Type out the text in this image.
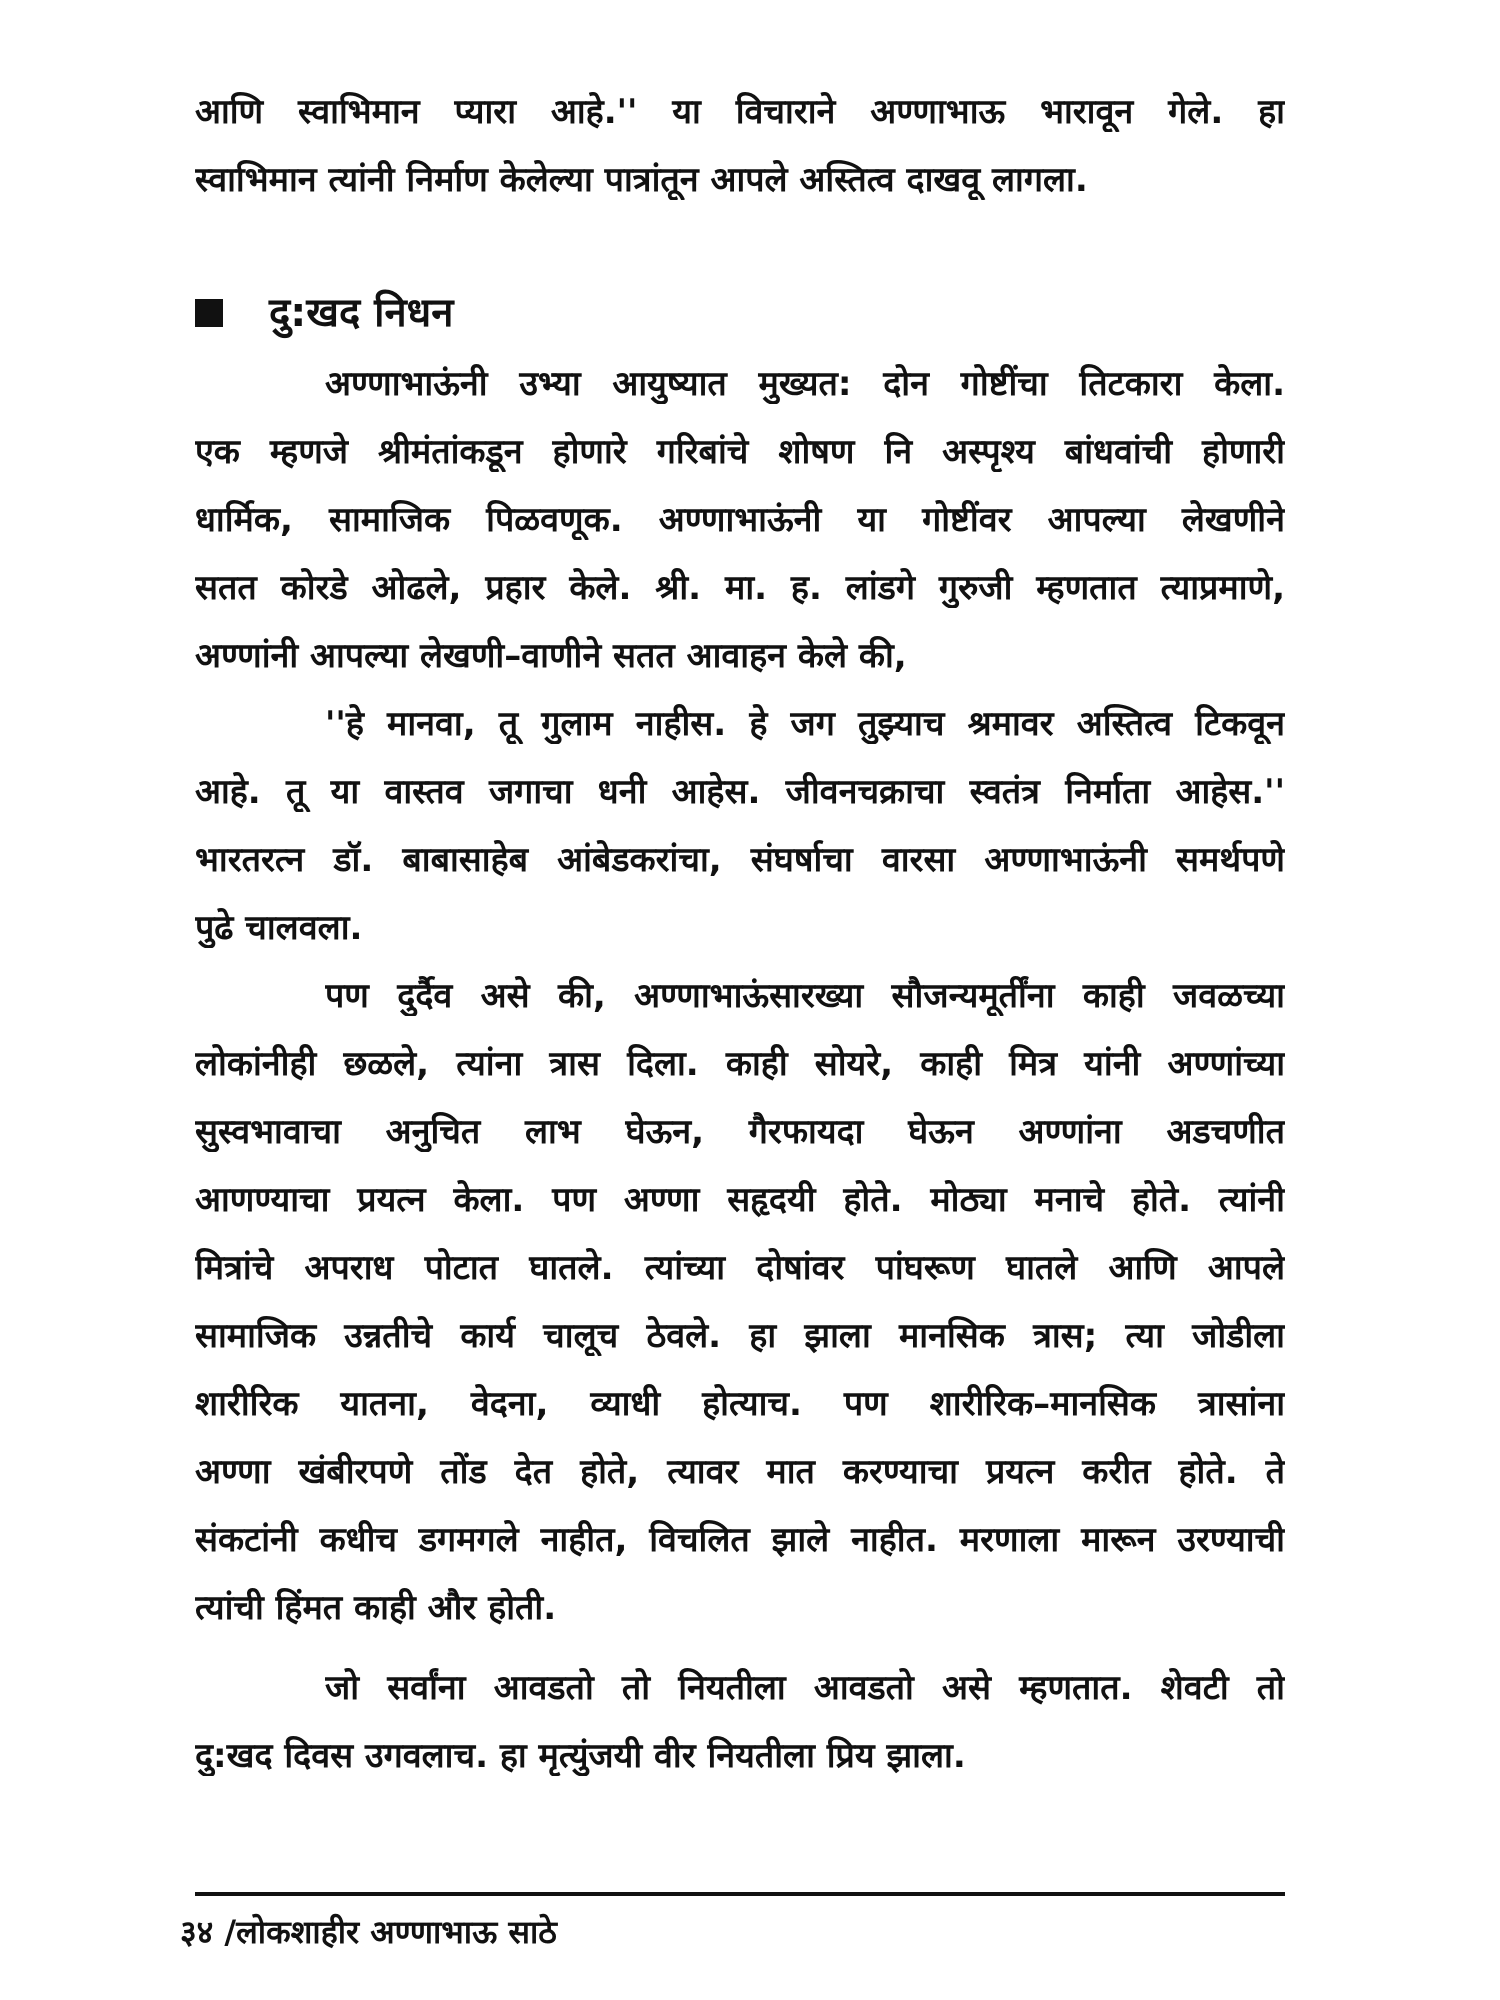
आणि स्वाभिमान प्यारा आहे.'' या विचाराने अण्णाभाऊ भारावून गेले. हा

स्वाभिमान त्यांनी निर्माण केलेल्या पात्रांतून आपले अस्तित्व दाखवू लागला.

दु:खद निधन

अण्णाभाऊंनी उभ्या आयुष्यात मुख्यत: दोन गोष्टींचा तिटकारा केला.

एक म्हणजे श्रीमंतांकडून होणारे गरिबांचे शोषण नि अस्पृश्य बांधवांची होणारी

धार्मिक, सामाजिक पिळवणूक. अण्णाभाऊंनी या गोष्टींवर आपल्या लेखणीने

सतत कोरडे ओढले, प्रहार केले. श्री. मा. ह. लांडगे गुरुजी म्हणतात त्याप्रमाणे,

अण्णांनी आपल्या लेखणी–वाणीने सतत आवाहन केले की,

''हे मानवा, तू गुलाम नाहीस. हे जग तुझ्याच श्रमावर अस्तित्व टिकवून

आहे. तू या वास्तव जगाचा धनी आहेस. जीवनचक्राचा स्वतंत्र निर्माता आहेस.''

भारतरत्न डॉ. बाबासाहेब आंबेडकरांचा, संघर्षाचा वारसा अण्णाभाऊंनी समर्थपणे

पुढे चालवला.

पण दुर्दैव असे की, अण्णाभाऊंसारख्या सौजन्यमूर्तींना काही जवळच्या

लोकांनीही छळले, त्यांना त्रास दिला. काही सोयरे, काही मित्र यांनी अण्णांच्या

सुस्वभावाचा अनुचित लाभ घेऊन, गैरफायदा घेऊन अण्णांना अडचणीत

आणण्याचा प्रयत्न केला. पण अण्णा सहृदयी होते. मोठ्या मनाचे होते. त्यांनी

मित्रांचे अपराध पोटात घातले. त्यांच्या दोषांवर पांघरूण घातले आणि आपले

सामाजिक उन्नतीचे कार्य चालूच ठेवले. हा झाला मानसिक त्रास; त्या जोडीला

शारीरिक यातना, वेदना, व्याधी होत्याच. पण शारीरिक–मानसिक त्रासांना

अण्णा खंबीरपणे तोंड देत होते, त्यावर मात करण्याचा प्रयत्न करीत होते. ते

संकटांनी कधीच डगमगले नाहीत, विचलित झाले नाहीत. मरणाला मारून उरण्याची

त्यांची हिंमत काही और होती.

जो सर्वांना आवडतो तो नियतीला आवडतो असे म्हणतात. शेवटी तो

दु:खद दिवस उगवलाच. हा मृत्युंजयी वीर नियतीला प्रिय झाला.

३४ /लोकशाहीर अण्णाभाऊ साठे
